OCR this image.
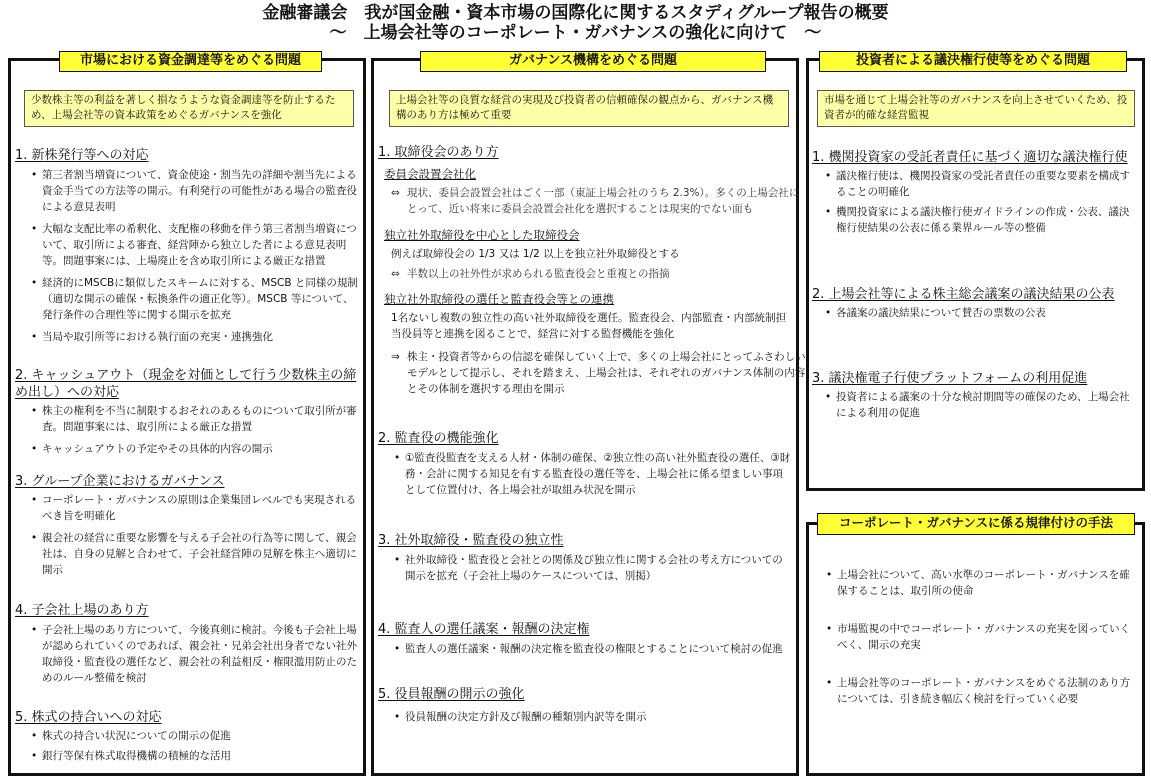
金融審議会　我が国金融・資本市場の国際化に関するスタディグループ報告の概要
～　上場会社等のコーポレート・ガバナンスの強化に向けて　～
市場における資金調達等をめぐる問題
少数株主等の利益を著しく損なうような資金調達等を防止するため、上場会社等の資本政策をめぐるガバナンスを強化
1. 新株発行等への対応
• 第三者割当増資について、資金使途・割当先の詳細や割当先による資金手当ての方法等の開示。有利発行の可能性がある場合の監査役による意見表明
• 大幅な支配比率の希釈化、支配権の移動を伴う第三者割当増資について、取引所による審査、経営陣から独立した者による意見表明等。問題事案には、上場廃止を含め取引所による厳正な措置
• 経済的にMSCBに類似したスキームに対する、MSCB と同様の規制（適切な開示の確保・転換条件の適正化等）。MSCB 等について、発行条件の合理性等に関する開示を拡充
• 当局や取引所等における執行面の充実・連携強化
2. キャッシュアウト（現金を対価として行う少数株主の締め出し）への対応
• 株主の権利を不当に制限するおそれのあるものについて取引所が審査。問題事案には、取引所による厳正な措置
• キャッシュアウトの予定やその具体的内容の開示
3. グループ企業におけるガバナンス
• コーポレート・ガバナンスの原則は企業集団レベルでも実現されるべき旨を明確化
• 親会社の経営に重要な影響を与える子会社の行為等に関して、親会社は、自身の見解と合わせて、子会社経営陣の見解を株主へ適切に開示
4. 子会社上場のあり方
• 子会社上場のあり方について、今後真剣に検討。今後も子会社上場が認められていくのであれば、親会社・兄弟会社出身者でない社外取締役・監査役の選任など、親会社の利益相反・権限濫用防止のためのルール整備を検討
5. 株式の持合いへの対応
• 株式の持合い状況についての開示の促進
• 銀行等保有株式取得機構の積極的な活用
ガバナンス機構をめぐる問題
上場会社等の良質な経営の実現及び投資者の信頼確保の観点から、ガバナンス機構のあり方は極めて重要
1. 取締役会のあり方
委員会設置会社化
⇔ 現状、委員会設置会社はごく一部（東証上場会社のうち 2.3%）。多くの上場会社にとって、近い将来に委員会設置会社化を選択することは現実的でない面も
独立社外取締役を中心とした取締役会
例えば取締役会の 1/3 又は 1/2 以上を独立社外取締役とする
⇔ 半数以上の社外性が求められる監査役会と重複との指摘
独立社外取締役の選任と監査役会等との連携
1名ないし複数の独立性の高い社外取締役を選任。監査役会、内部監査・内部統制担当役員等と連携を図ることで、経営に対する監督機能を強化
⇒ 株主・投資者等からの信認を確保していく上で、多くの上場会社にとってふさわしいモデルとして提示し、それを踏まえ、上場会社は、それぞれのガバナンス体制の内容とその体制を選択する理由を開示
2. 監査役の機能強化
• ①監査役監査を支える人材・体制の確保、②独立性の高い社外監査役の選任、③財務・会計に関する知見を有する監査役の選任等を、上場会社に係る望ましい事項として位置付け、各上場会社が取組み状況を開示
3. 社外取締役・監査役の独立性
• 社外取締役・監査役と会社との関係及び独立性に関する会社の考え方についての開示を拡充（子会社上場のケースについては、別掲）
4. 監査人の選任議案・報酬の決定権
• 監査人の選任議案・報酬の決定権を監査役の権限とすることについて検討の促進
5. 役員報酬の開示の強化
• 役員報酬の決定方針及び報酬の種類別内訳等を開示
投資者による議決権行使等をめぐる問題
市場を通じて上場会社等のガバナンスを向上させていくため、投資者が的確な経営監視
1. 機関投資家の受託者責任に基づく適切な議決権行使
• 議決権行使は、機関投資家の受託者責任の重要な要素を構成することの明確化
• 機関投資家による議決権行使ガイドラインの作成・公表、議決権行使結果の公表に係る業界ルール等の整備
2. 上場会社等による株主総会議案の議決結果の公表
• 各議案の議決結果について賛否の票数の公表
3. 議決権電子行使プラットフォームの利用促進
• 投資者による議案の十分な検討期間等の確保のため、上場会社による利用の促進
コーポレート・ガバナンスに係る規律付けの手法
• 上場会社について、高い水準のコーポレート・ガバナンスを確保することは、取引所の使命
• 市場監視の中でコーポレート・ガバナンスの充実を図っていくべく、開示の充実
• 上場会社等のコーポレート・ガバナンスをめぐる法制のあり方については、引き続き幅広く検討を行っていく必要
